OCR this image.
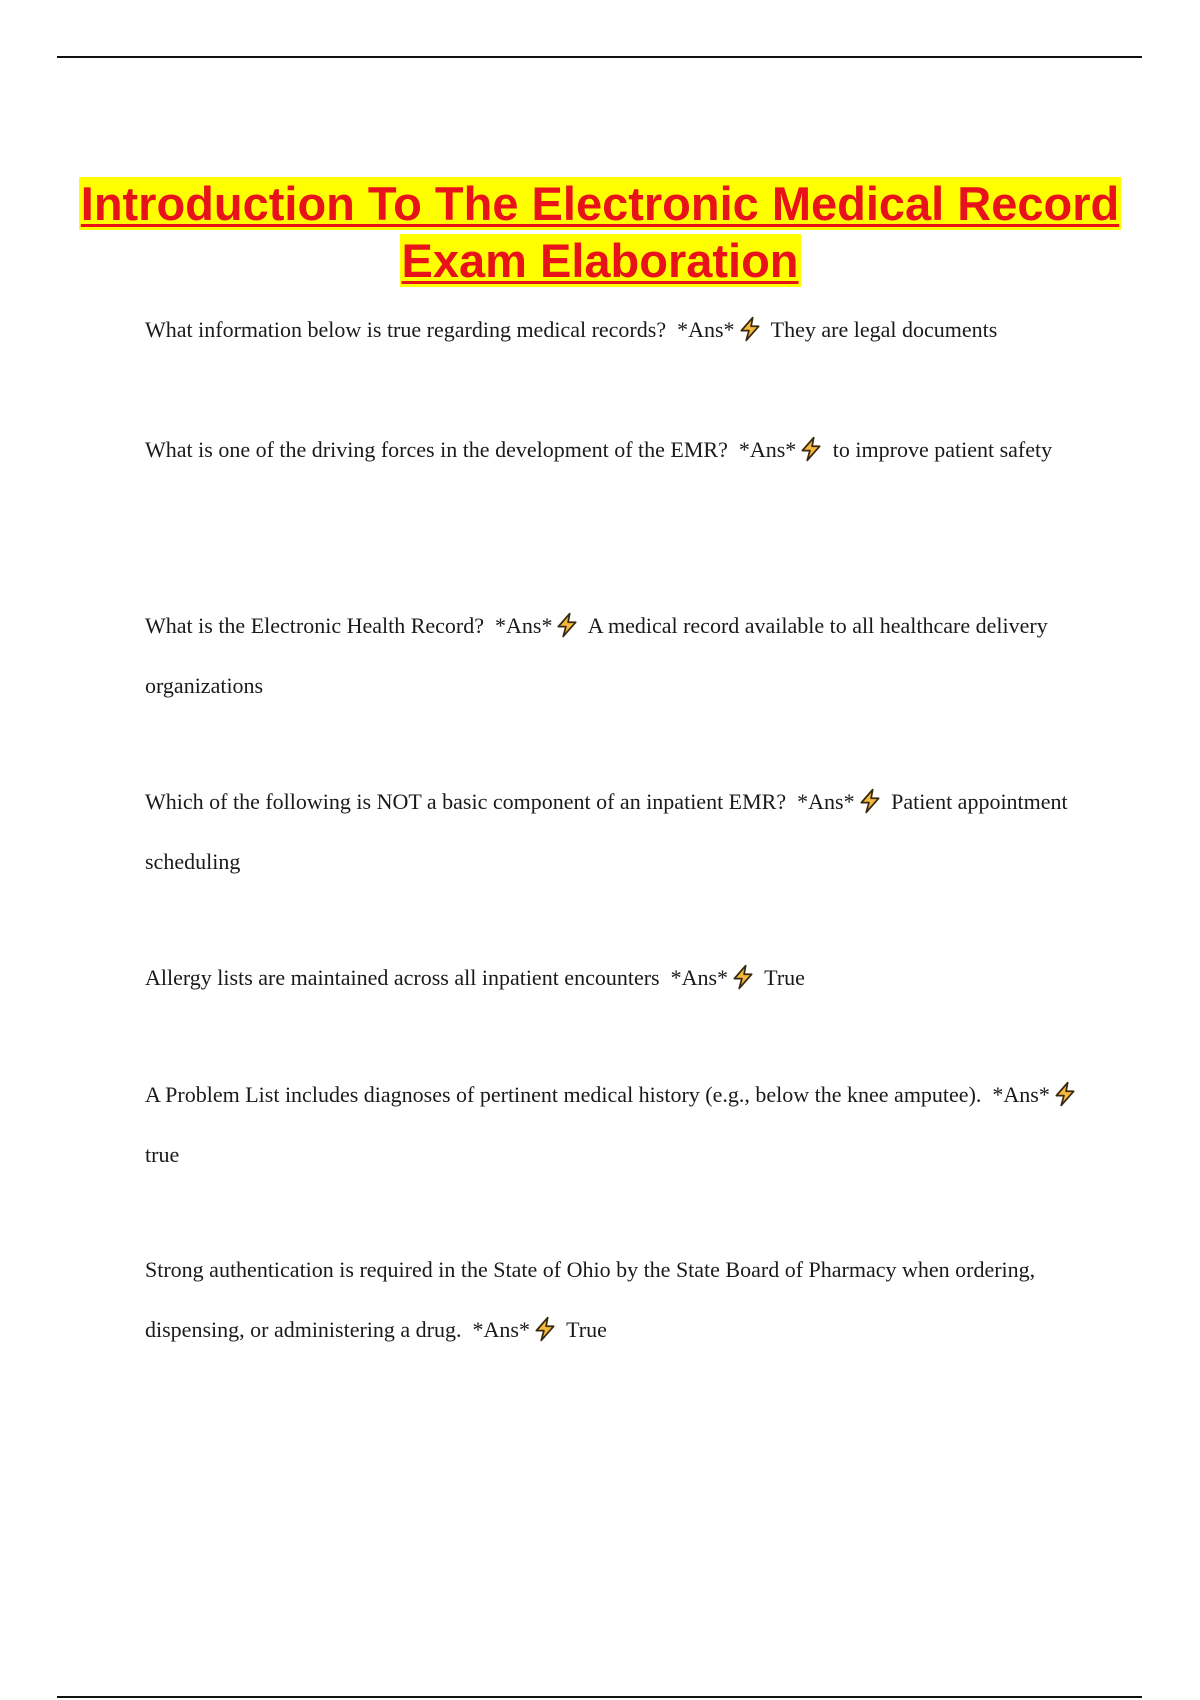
Introduction To The Electronic Medical Record Exam Elaboration

What information below is true regarding medical records? *Ans* They are legal documents

What is one of the driving forces in the development of the EMR? *Ans* to improve patient safety

What is the Electronic Health Record? *Ans* A medical record available to all healthcare delivery organizations

Which of the following is NOT a basic component of an inpatient EMR? *Ans* Patient appointment scheduling

Allergy lists are maintained across all inpatient encounters *Ans* True

A Problem List includes diagnoses of pertinent medical history (e.g., below the knee amputee). *Ans*
true

Strong authentication is required in the State of Ohio by the State Board of Pharmacy when ordering, dispensing, or administering a drug. *Ans* True
